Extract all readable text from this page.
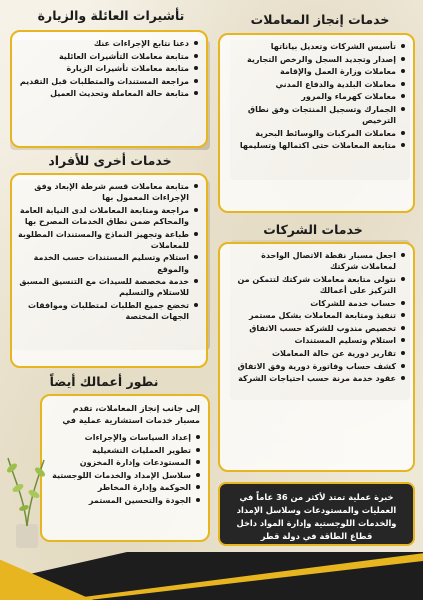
خدمات إنجاز المعاملات
تأشيرات العائلة والزيارة
خدمات أخرى للأفراد
خدمات الشركات
نطور أعمالك أيضاً
تأسيس الشركات وتعديل بياناتها
إصدار وتجديد السجل والرخص التجارية
معاملات وزارة العمل والإقامة
معاملات البلدية والدفاع المدني
معاملات كهرماء والمرور
الجمارك وتسجيل المنتجات وفق نطاق الترخيص
معاملات المركبات والوسائط البحرية
متابعة المعاملات حتى اكتمالها وتسليمها
دعنا نتابع الإجراءات عنك
متابعة معاملات التأشيرات العائلية
متابعة معاملات تأشيرات الزيارة
مراجعة المستندات والمتطلبات قبل التقديم
متابعة حالة المعاملة وتحديث العميل
متابعة معاملات قسم شرطة الإبعاد وفق الإجراءات المعمول بها
مراجعة ومتابعة المعاملات لدى النيابة العامة والمحاكم ضمن نطاق الخدمات المصرح بها
طباعة وتجهيز النماذج والمستندات المطلوبة للمعاملات
استلام وتسليم المستندات حسب الخدمة والموقع
خدمة مخصصة للسيدات مع التنسيق المسبق للاستلام والتسليم
تخضع جميع الطلبات لمتطلبات وموافقات الجهات المختصة
اجعل مسبار نقطة الاتصال الواحدة لمعاملات شركتك
نتولى متابعة معاملات شركتك لتتمكن من التركيز على أعمالك
حساب خدمة للشركات
تنفيذ ومتابعة المعاملات بشكل مستمر
تخصيص مندوب للشركة حسب الاتفاق
استلام وتسليم المستندات
تقارير دورية عن حالة المعاملات
كشف حساب وفاتورة دورية وفق الاتفاق
عقود خدمة مرنة حسب احتياجات الشركة
إلى جانب إنجاز المعاملات، تقدم مسبار خدمات استشارية عملية في
إعداد السياسات والإجراءات
تطوير العمليات التشغيلية
المستودعات وإدارة المخزون
سلاسل الإمداد والخدمات اللوجستية
الحوكمة وإدارة المخاطر
الجودة والتحسين المستمر	خبرة عملية تمتد لأكثر من 36 عاماً في العمليات والمستودعات وسلاسل الإمداد والخدمات اللوجستية وإدارة المواد داخل قطاع الطاقة في دولة قطر
